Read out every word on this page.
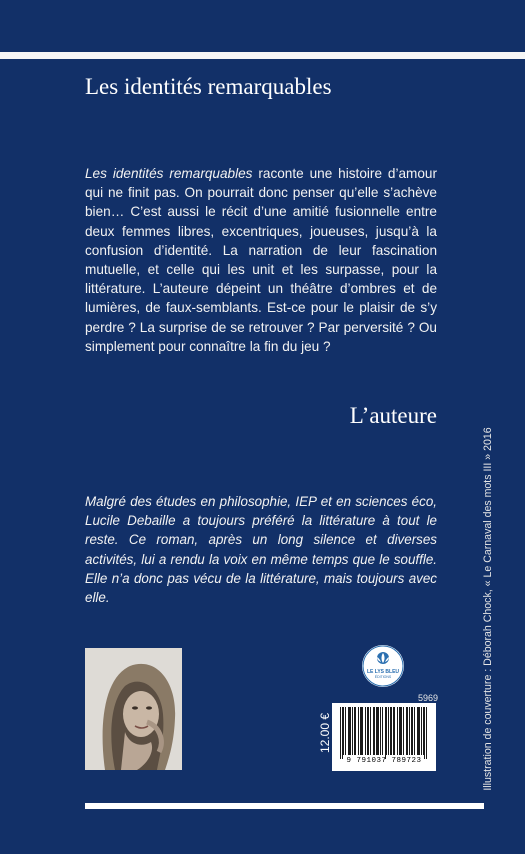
Les identités remarquables
Les identités remarquables raconte une histoire d’amour qui ne finit pas. On pourrait donc penser qu’elle s’achève bien… C’est aussi le récit d’une amitié fusionnelle entre deux femmes libres, excentriques, joueuses, jusqu’à la confusion d’identité. La narration de leur fascination mutuelle, et celle qui les unit et les surpasse, pour la littérature. L’auteure dépeint un théâtre d’ombres et de lumières, de faux-semblants. Est-ce pour le plaisir de s’y perdre ? La surprise de se retrouver ? Par perversité ? Ou simplement pour connaître la fin du jeu ?
L’auteure
Malgré des études en philosophie, IEP et en sciences éco, Lucile Debaille a toujours préféré la littérature à tout le reste. Ce roman, après un long silence et diverses activités, lui a rendu la voix en même temps que le souffle. Elle n’a donc pas vécu de la littérature, mais toujours avec elle.	Illustration de couverture : Déborah Chock, « Le Carnaval des mots III » 2016
LE LYS BLEU
ÉDITIONS
5969
12.00 €
9 791037 789723
